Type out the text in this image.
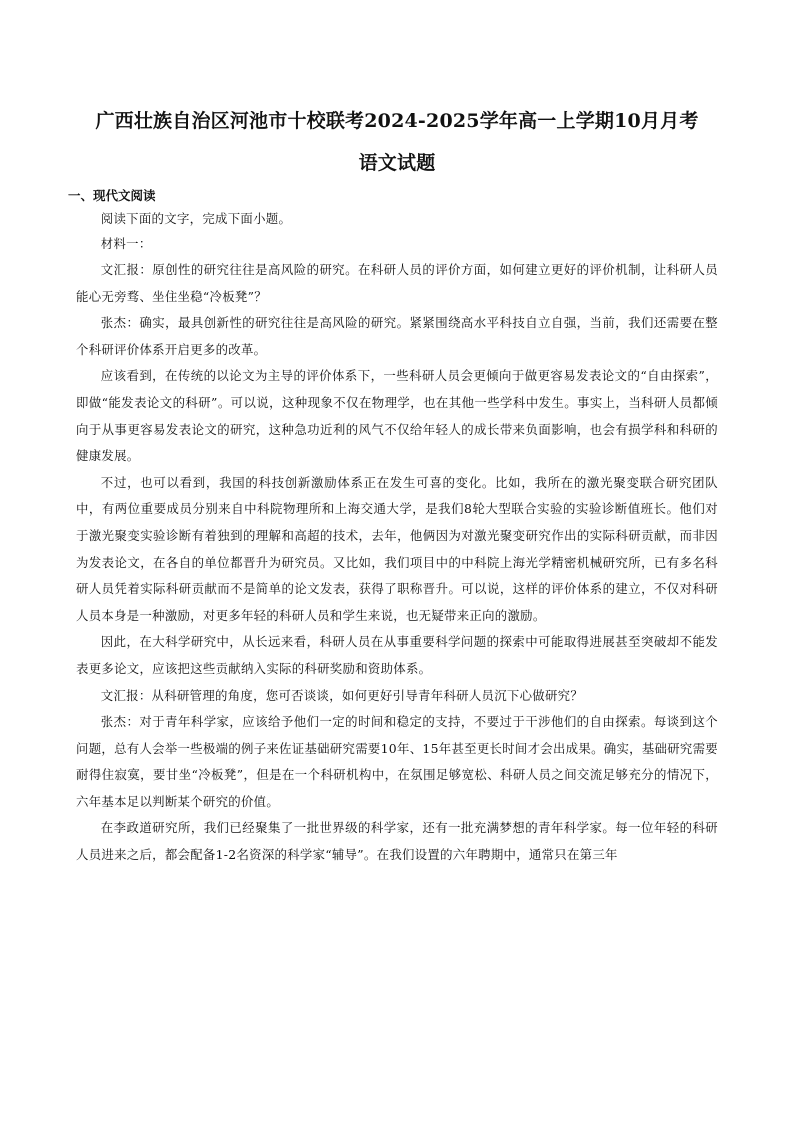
广西壮族自治区河池市十校联考2024-2025学年高一上学期10月月考
语文试题
一、现代文阅读

阅读下面的文字，完成下面小题。

材料一：

文汇报：原创性的研究往往是高风险的研究。在科研人员的评价方面，如何建立更好的评价机制，让科研人员能心无旁骛、坐住坐稳“冷板凳”？

张杰：确实，最具创新性的研究往往是高风险的研究。紧紧围绕高水平科技自立自强，当前，我们还需要在整个科研评价体系开启更多的改革。

应该看到，在传统的以论文为主导的评价体系下，一些科研人员会更倾向于做更容易发表论文的“自由探索”，即做“能发表论文的科研”。可以说，这种现象不仅在物理学，也在其他一些学科中发生。事实上，当科研人员都倾向于从事更容易发表论文的研究，这种急功近利的风气不仅给年轻人的成长带来负面影响，也会有损学科和科研的健康发展。

不过，也可以看到，我国的科技创新激励体系正在发生可喜的变化。比如，我所在的激光聚变联合研究团队中，有两位重要成员分别来自中科院物理所和上海交通大学，是我们8轮大型联合实验的实验诊断值班长。他们对于激光聚变实验诊断有着独到的理解和高超的技术，去年，他俩因为对激光聚变研究作出的实际科研贡献，而非因为发表论文，在各自的单位都晋升为研究员。又比如，我们项目中的中科院上海光学精密机械研究所，已有多名科研人员凭着实际科研贡献而不是简单的论文发表，获得了职称晋升。可以说，这样的评价体系的建立，不仅对科研人员本身是一种激励，对更多年轻的科研人员和学生来说，也无疑带来正向的激励。

因此，在大科学研究中，从长远来看，科研人员在从事重要科学问题的探索中可能取得进展甚至突破却不能发表更多论文，应该把这些贡献纳入实际的科研奖励和资助体系。

文汇报：从科研管理的角度，您可否谈谈，如何更好引导青年科研人员沉下心做研究？

张杰：对于青年科学家，应该给予他们一定的时间和稳定的支持，不要过于干涉他们的自由探索。每谈到这个问题，总有人会举一些极端的例子来佐证基础研究需要10年、15年甚至更长时间才会出成果。确实，基础研究需要耐得住寂寞，要甘坐“冷板凳”，但是在一个科研机构中，在氛围足够宽松、科研人员之间交流足够充分的情况下，六年基本足以判断某个研究的价值。

在李政道研究所，我们已经聚集了一批世界级的科学家，还有一批充满梦想的青年科学家。每一位年轻的科研人员进来之后，都会配备1-2名资深的科学家“辅导”。在我们设置的六年聘期中，通常只在第三年
